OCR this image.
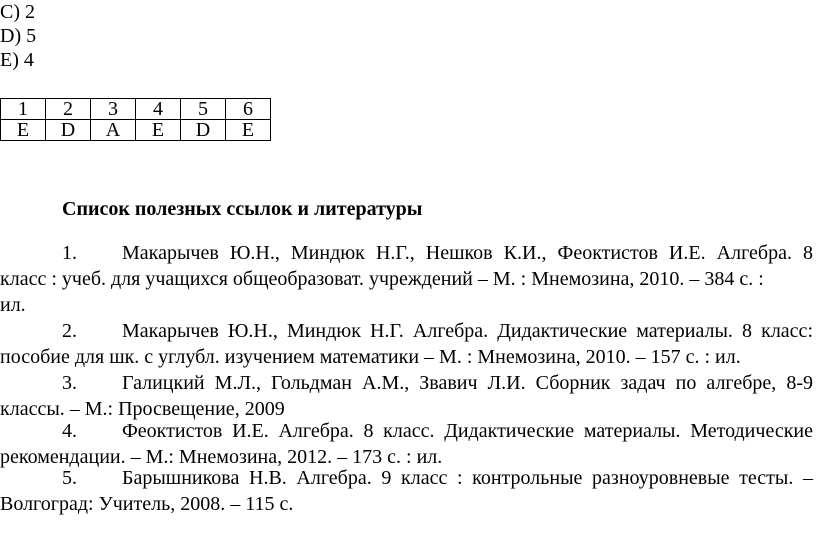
C) 2
D) 5
E) 4
1	2	3	4	5	6
E	D	A	E	D	E
Список полезных ссылок и литературы
1.	Макарычев Ю.Н., Миндюк Н.Г., Нешков К.И., Феоктистов И.Е. Алгебра. 8
класс : учеб. для учащихся общеобразоват. учреждений – М. : Мнемозина, 2010. – 384 с. :
ил.
2.	Макарычев Ю.Н., Миндюк Н.Г. Алгебра. Дидактические материалы. 8 класс:
пособие для шк. с углубл. изучением математики – М. : Мнемозина, 2010. – 157 с. : ил.
3.	Галицкий М.Л., Гольдман А.М., Звавич Л.И. Сборник задач по алгебре, 8-9
классы. – М.: Просвещение, 2009
4.	Феоктистов И.Е. Алгебра. 8 класс. Дидактические материалы. Методические
рекомендации. – М.: Мнемозина, 2012. – 173 с. : ил.
5.	Барышникова Н.В. Алгебра. 9 класс : контрольные разноуровневые тесты. –
Волгоград: Учитель, 2008. – 115 с.
